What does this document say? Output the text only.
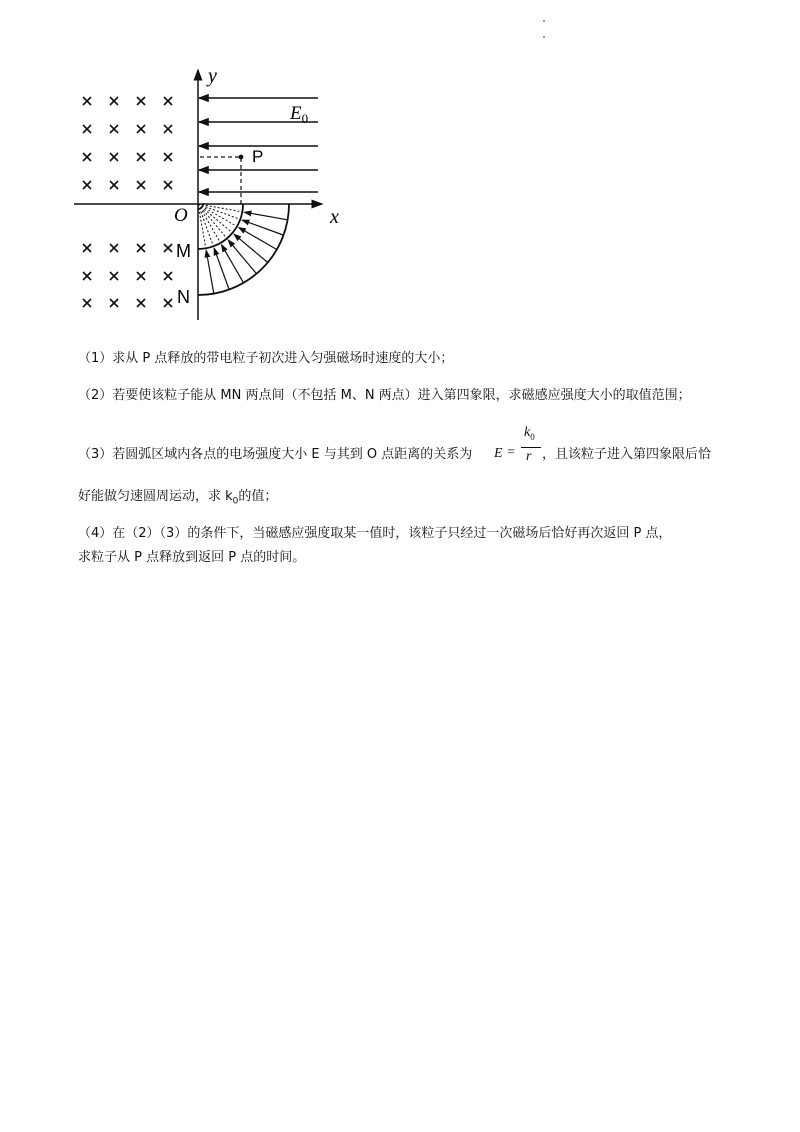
x
y
O
$E_0$
P
M
N
（1）求从 P 点释放的带电粒子初次进入匀强磁场时速度的大小；
（2）若要使该粒子能从 MN 两点间（不包括 M、N 两点）进入第四象限，求磁感应强度大小的取值范围；
（3）若圆弧区域内各点的电场强度大小 E 与其到 O 点距离的关系为 E =
$k_0$
r ，且该粒子进入第四象限后恰
好能做匀速圆周运动，求 $k_0$的值；
（4）在（2）（3）的条件下，当磁感应强度取某一值时，该粒子只经过一次磁场后恰好再次返回 P 点，
求粒子从 P 点释放到返回 P 点的时间。
